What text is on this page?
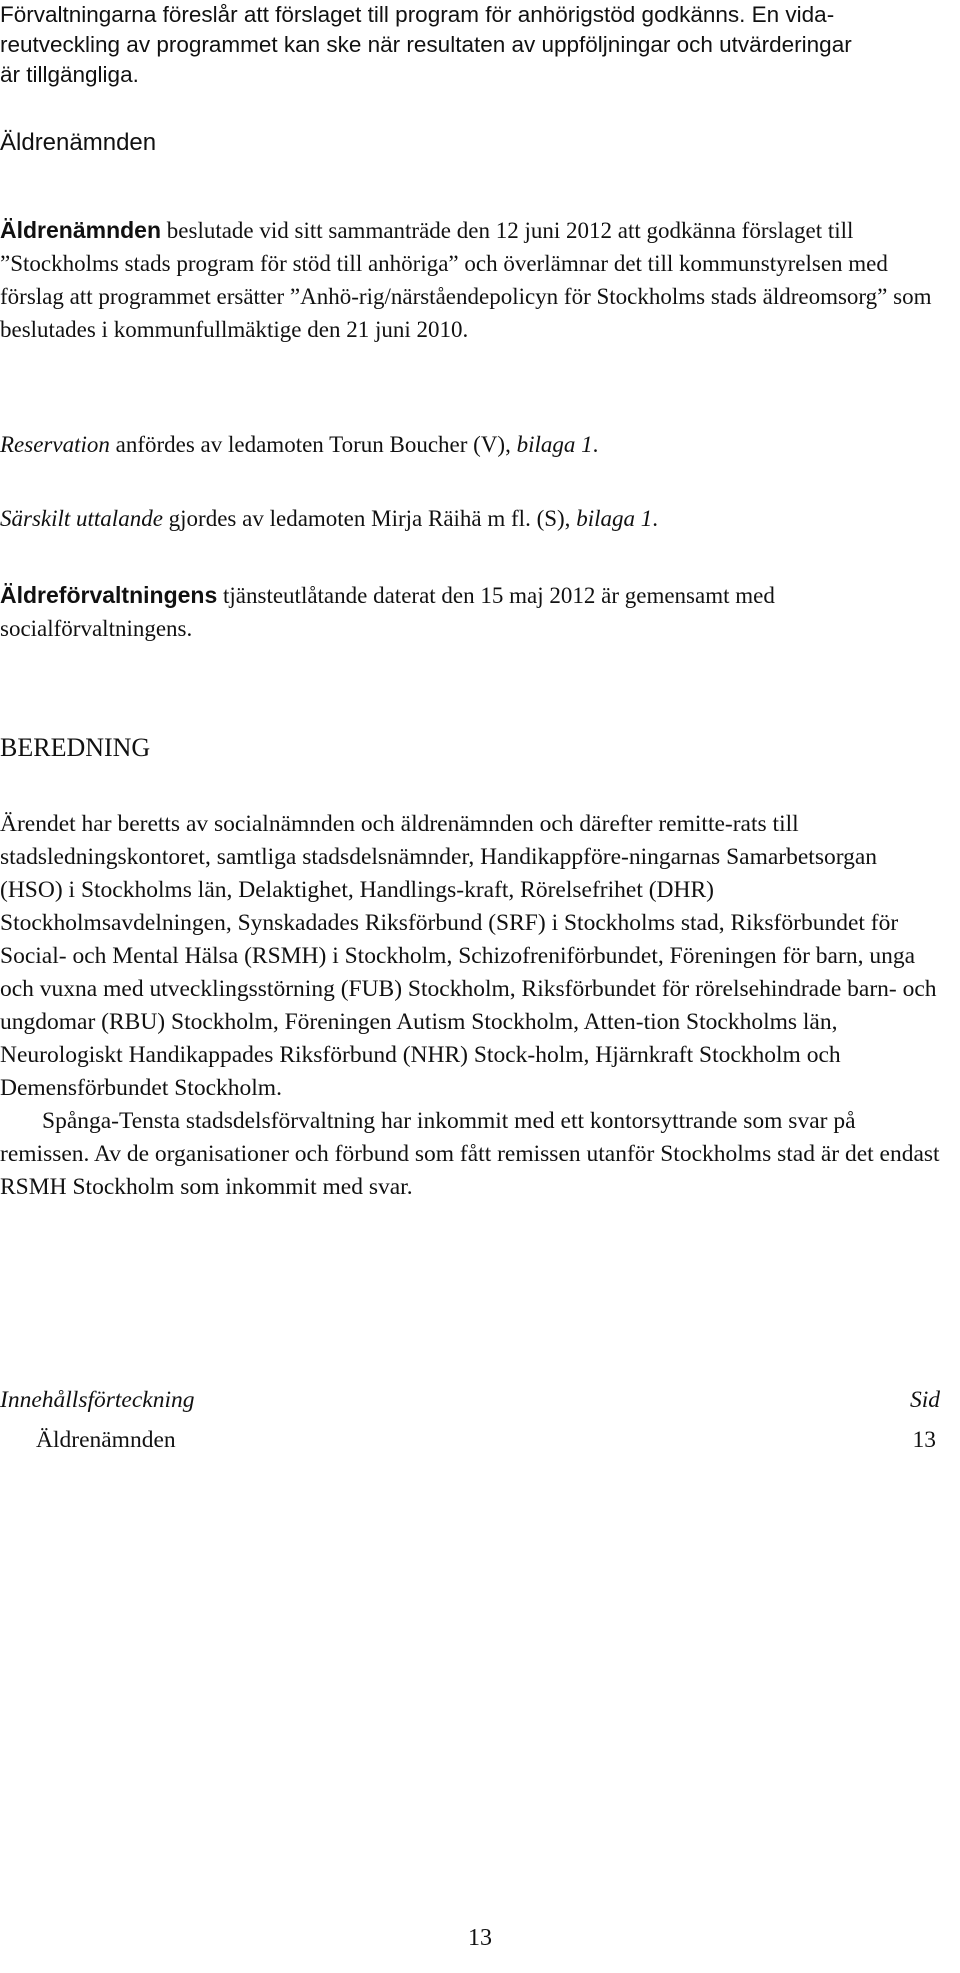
Förvaltningarna föreslår att förslaget till program för anhörigstöd godkänns. En vida-
reutveckling av programmet kan ske när resultaten av uppföljningar och utvärderingar
är tillgängliga.
Äldrenämnden
Äldrenämnden beslutade vid sitt sammanträde den 12 juni 2012 att godkänna förslaget till ”Stockholms stads program för stöd till anhöriga” och överlämnar det till kommunstyrelsen med förslag att programmet ersätter ”Anhö-rig/närståendepolicyn för Stockholms stads äldreomsorg” som beslutades i kommunfullmäktige den 21 juni 2010.
Reservation anfördes av ledamoten Torun Boucher (V), bilaga 1.
Särskilt uttalande gjordes av ledamoten Mirja Räihä m fl. (S), bilaga 1.
Äldreförvaltningens tjänsteutlåtande daterat den 15 maj 2012 är gemensamt med socialförvaltningens.
BEREDNING

Ärendet har beretts av socialnämnden och äldrenämnden och därefter remitte-rats till stadsledningskontoret, samtliga stadsdelsnämnder, Handikappföre-ningarnas Samarbetsorgan (HSO) i Stockholms län, Delaktighet, Handlings-kraft, Rörelsefrihet (DHR) Stockholmsavdelningen, Synskadades Riksförbund (SRF) i Stockholms stad, Riksförbundet för Social- och Mental Hälsa (RSMH) i Stockholm, Schizofreniförbundet, Föreningen för barn, unga och vuxna med utvecklingsstörning (FUB) Stockholm, Riksförbundet för rörelsehindrade barn- och ungdomar (RBU) Stockholm, Föreningen Autism Stockholm, Atten-tion Stockholms län, Neurologiskt Handikappades Riksförbund (NHR) Stock-holm, Hjärnkraft Stockholm och Demensförbundet Stockholm.

Spånga-Tensta stadsdelsförvaltning har inkommit med ett kontorsyttrande som svar på remissen. Av de organisationer och förbund som fått remissen utanför Stockholms stad är det endast RSMH Stockholm som inkommit med svar.

Innehållsförteckning	Sid
Äldrenämnden	13
13
